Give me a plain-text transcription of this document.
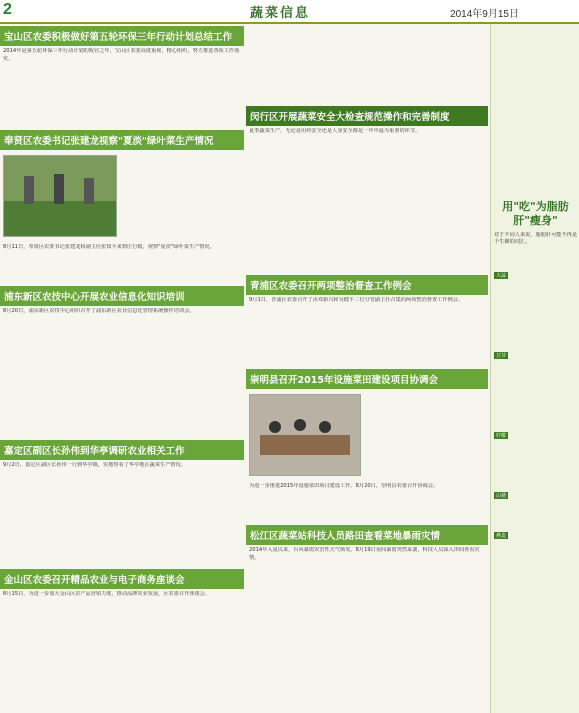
2	蔬菜信息	2014年9月15日
宝山区农委积极做好第五轮环保三年行动计划总结工作
2014年是第五轮环保三年行动计划的收官之年，宝山区农委高度重视，精心组织，努力推进各项工作落实。
奉贤区农委书记张建龙视察"夏淡"绿叶菜生产情况
8月11日，奉贤区农委书记张建龙和副主任张知平来到庄行镇，视察"夏淡"绿叶菜生产情况。
浦东新区农技中心开展农业信息化知识培训
8月20日，浦东新区农技中心组织召开了浦东新区农业信息化管理系统操作培训会。
嘉定区副区长孙伟到华亭调研农业相关工作
9月2日，嘉定区副区长孙伟一行到华亭镇，实地察看了华亭地区蔬菜生产情况。
金山区农委召开精品农业与电子商务座谈会
8月15日，为进一步加大金山区农产品营销力度，推动品牌农业发展，区农委召开座谈会。
闵行区开展蔬菜安全大检查规范操作和完善制度
夏季蔬菜生产，无论是用药安全还是人身安全都是一年中最为重要的环节。
青浦区农委召开两项整治督查工作例会
9月1日，青浦区农委召开了由邓新兴和吴健平二位分管副主任召集的两项整治督查工作例会。
崇明县召开2015年设施菜田建设项目协调会
为进一步推进2015年设施菜田项目建设工作，8月20日，崇明县农委召开协调会。
松江区蔬菜站科技人员路田查看菜地暴雨灾情
2014年入夏以来，台风暴雨灾害性天气频发。8月19日夜间暴雨突然来袭，科技人员深入田间查看灾情。
用"吃"为脂肪肝"瘦身"
对于不同人来说，脂肪肝可能不再是个生僻的词汇。
大蒜
豆芽
柠檬
山楂
燕麦
